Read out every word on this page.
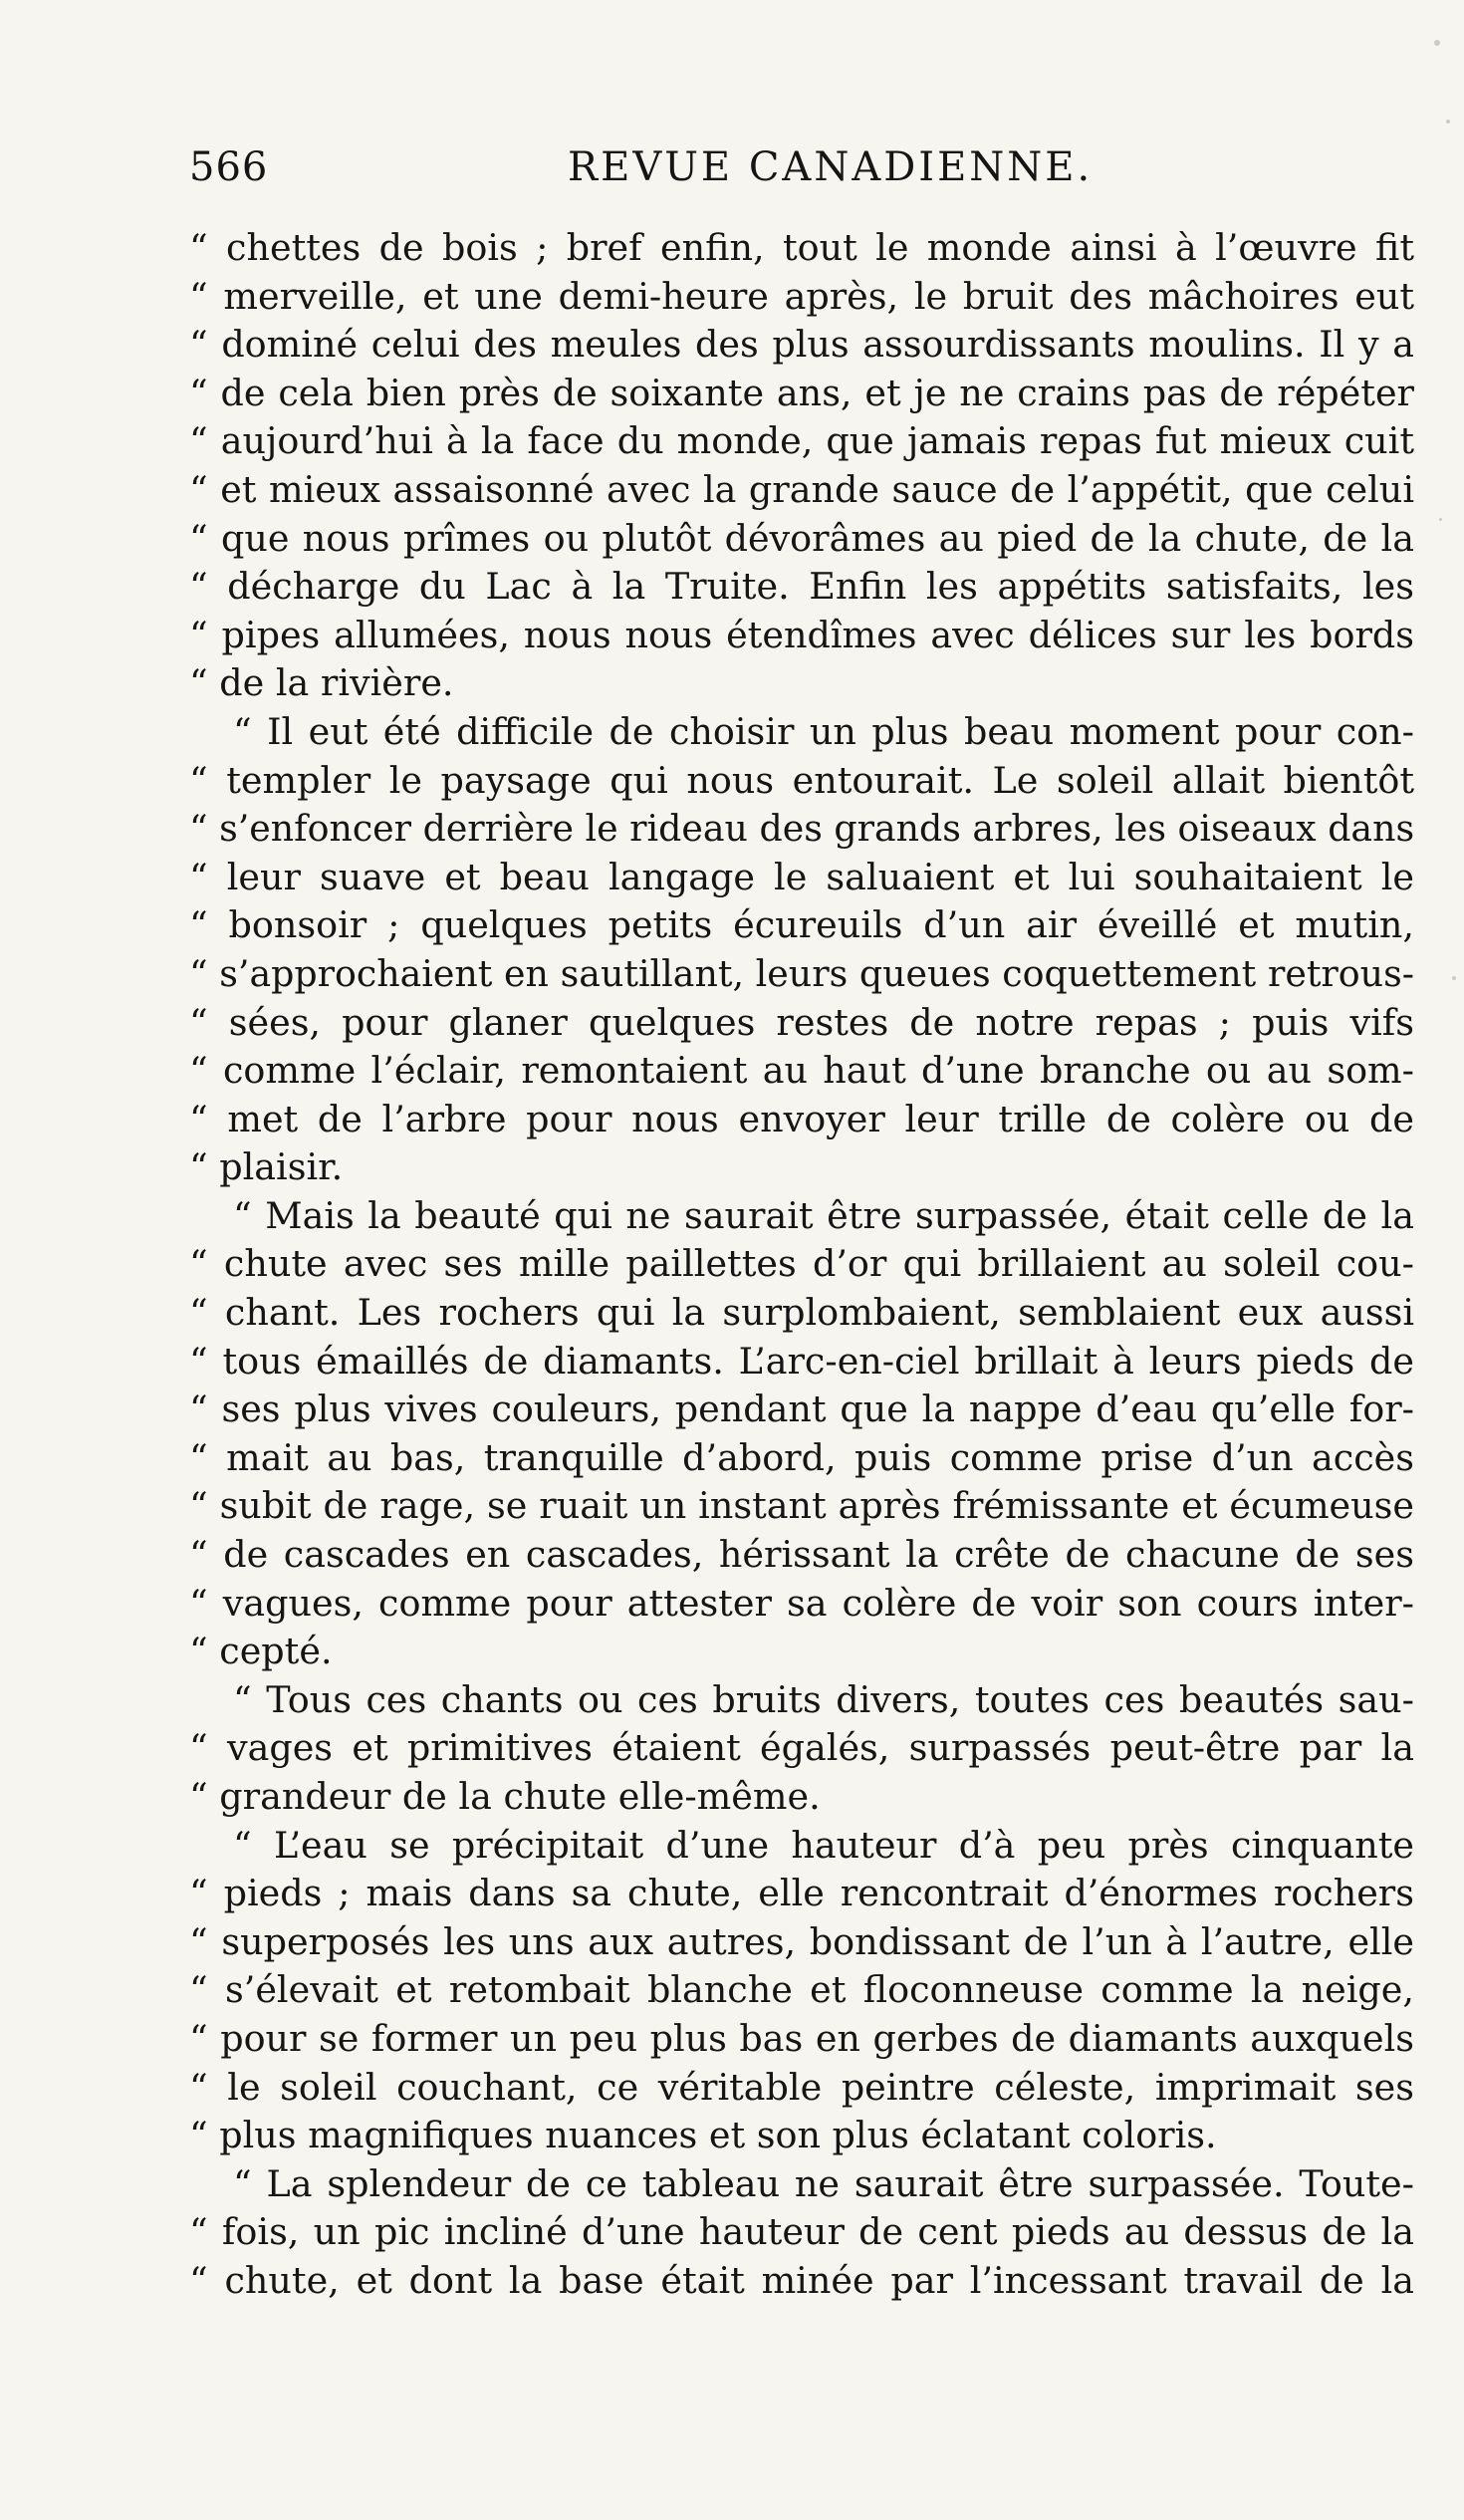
566	REVUE CANADIENNE.
“ chettes de bois ; bref enfin, tout le monde ainsi à l’œuvre fit
“ merveille, et une demi-heure après, le bruit des mâchoires eut
“ dominé celui des meules des plus assourdissants moulins. Il y a
“ de cela bien près de soixante ans, et je ne crains pas de répéter
“ aujourd’hui à la face du monde, que jamais repas fut mieux cuit
“ et mieux assaisonné avec la grande sauce de l’appétit, que celui
“ que nous prîmes ou plutôt dévorâmes au pied de la chute, de la
“ décharge du Lac à la Truite. Enfin les appétits satisfaits, les
“ pipes allumées, nous nous étendîmes avec délices sur les bords
“ de la rivière.
“ Il eut été difficile de choisir un plus beau moment pour con-
“ templer le paysage qui nous entourait. Le soleil allait bientôt
“ s’enfoncer derrière le rideau des grands arbres, les oiseaux dans
“ leur suave et beau langage le saluaient et lui souhaitaient le
“ bonsoir ; quelques petits écureuils d’un air éveillé et mutin,
“ s’approchaient en sautillant, leurs queues coquettement retrous-
“ sées, pour glaner quelques restes de notre repas ; puis vifs
“ comme l’éclair, remontaient au haut d’une branche ou au som-
“ met de l’arbre pour nous envoyer leur trille de colère ou de
“ plaisir.
“ Mais la beauté qui ne saurait être surpassée, était celle de la
“ chute avec ses mille paillettes d’or qui brillaient au soleil cou-
“ chant. Les rochers qui la surplombaient, semblaient eux aussi
“ tous émaillés de diamants. L’arc-en-ciel brillait à leurs pieds de
“ ses plus vives couleurs, pendant que la nappe d’eau qu’elle for-
“ mait au bas, tranquille d’abord, puis comme prise d’un accès
“ subit de rage, se ruait un instant après frémissante et écumeuse
“ de cascades en cascades, hérissant la crête de chacune de ses
“ vagues, comme pour attester sa colère de voir son cours inter-
“ cepté.
“ Tous ces chants ou ces bruits divers, toutes ces beautés sau-
“ vages et primitives étaient égalés, surpassés peut-être par la
“ grandeur de la chute elle-même.
“ L’eau se précipitait d’une hauteur d’à peu près cinquante
“ pieds ; mais dans sa chute, elle rencontrait d’énormes rochers
“ superposés les uns aux autres, bondissant de l’un à l’autre, elle
“ s’élevait et retombait blanche et floconneuse comme la neige,
“ pour se former un peu plus bas en gerbes de diamants auxquels
“ le soleil couchant, ce véritable peintre céleste, imprimait ses
“ plus magnifiques nuances et son plus éclatant coloris.
“ La splendeur de ce tableau ne saurait être surpassée. Toute-
“ fois, un pic incliné d’une hauteur de cent pieds au dessus de la
“ chute, et dont la base était minée par l’incessant travail de la
